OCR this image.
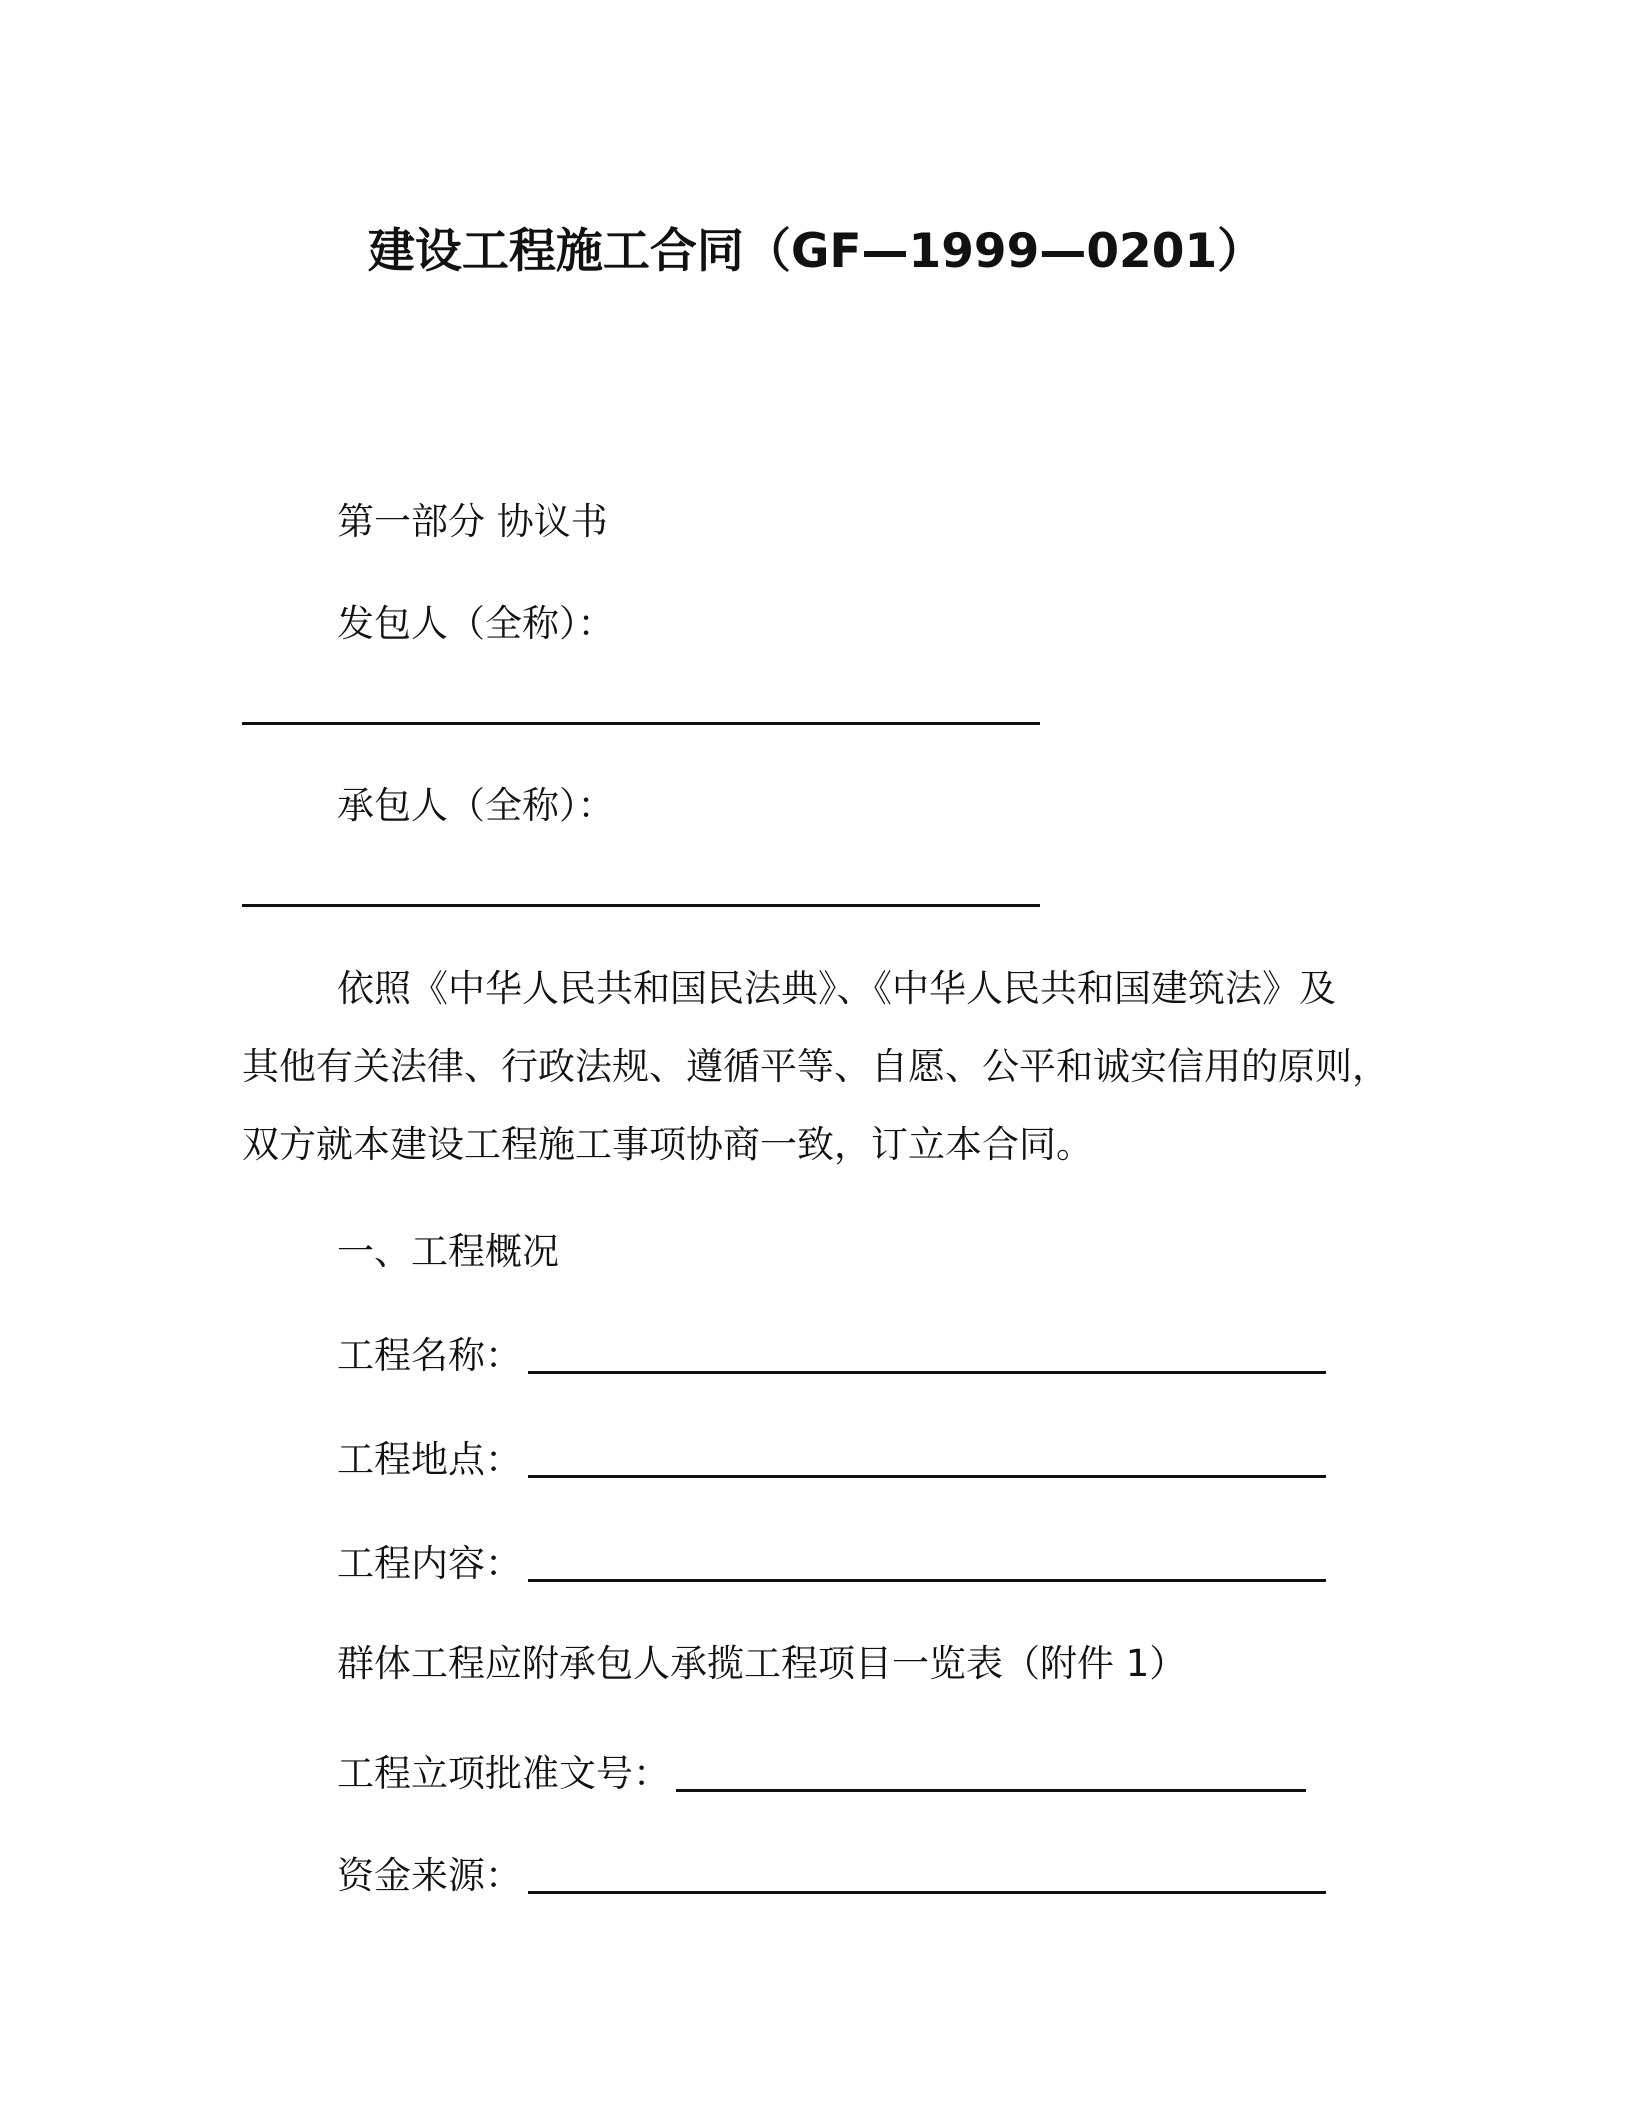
建设工程施工合同（GF—1999—0201）
第一部分 协议书
发包人（全称）：
承包人（全称）：
依照《中华人民共和国民法典》、《中华人民共和国建筑法》及
其他有关法律、行政法规、遵循平等、自愿、公平和诚实信用的原则，
双方就本建设工程施工事项协商一致，订立本合同。
一、工程概况
工程名称：
工程地点：
工程内容：
群体工程应附承包人承揽工程项目一览表（附件 1）
工程立项批准文号：
资金来源：
